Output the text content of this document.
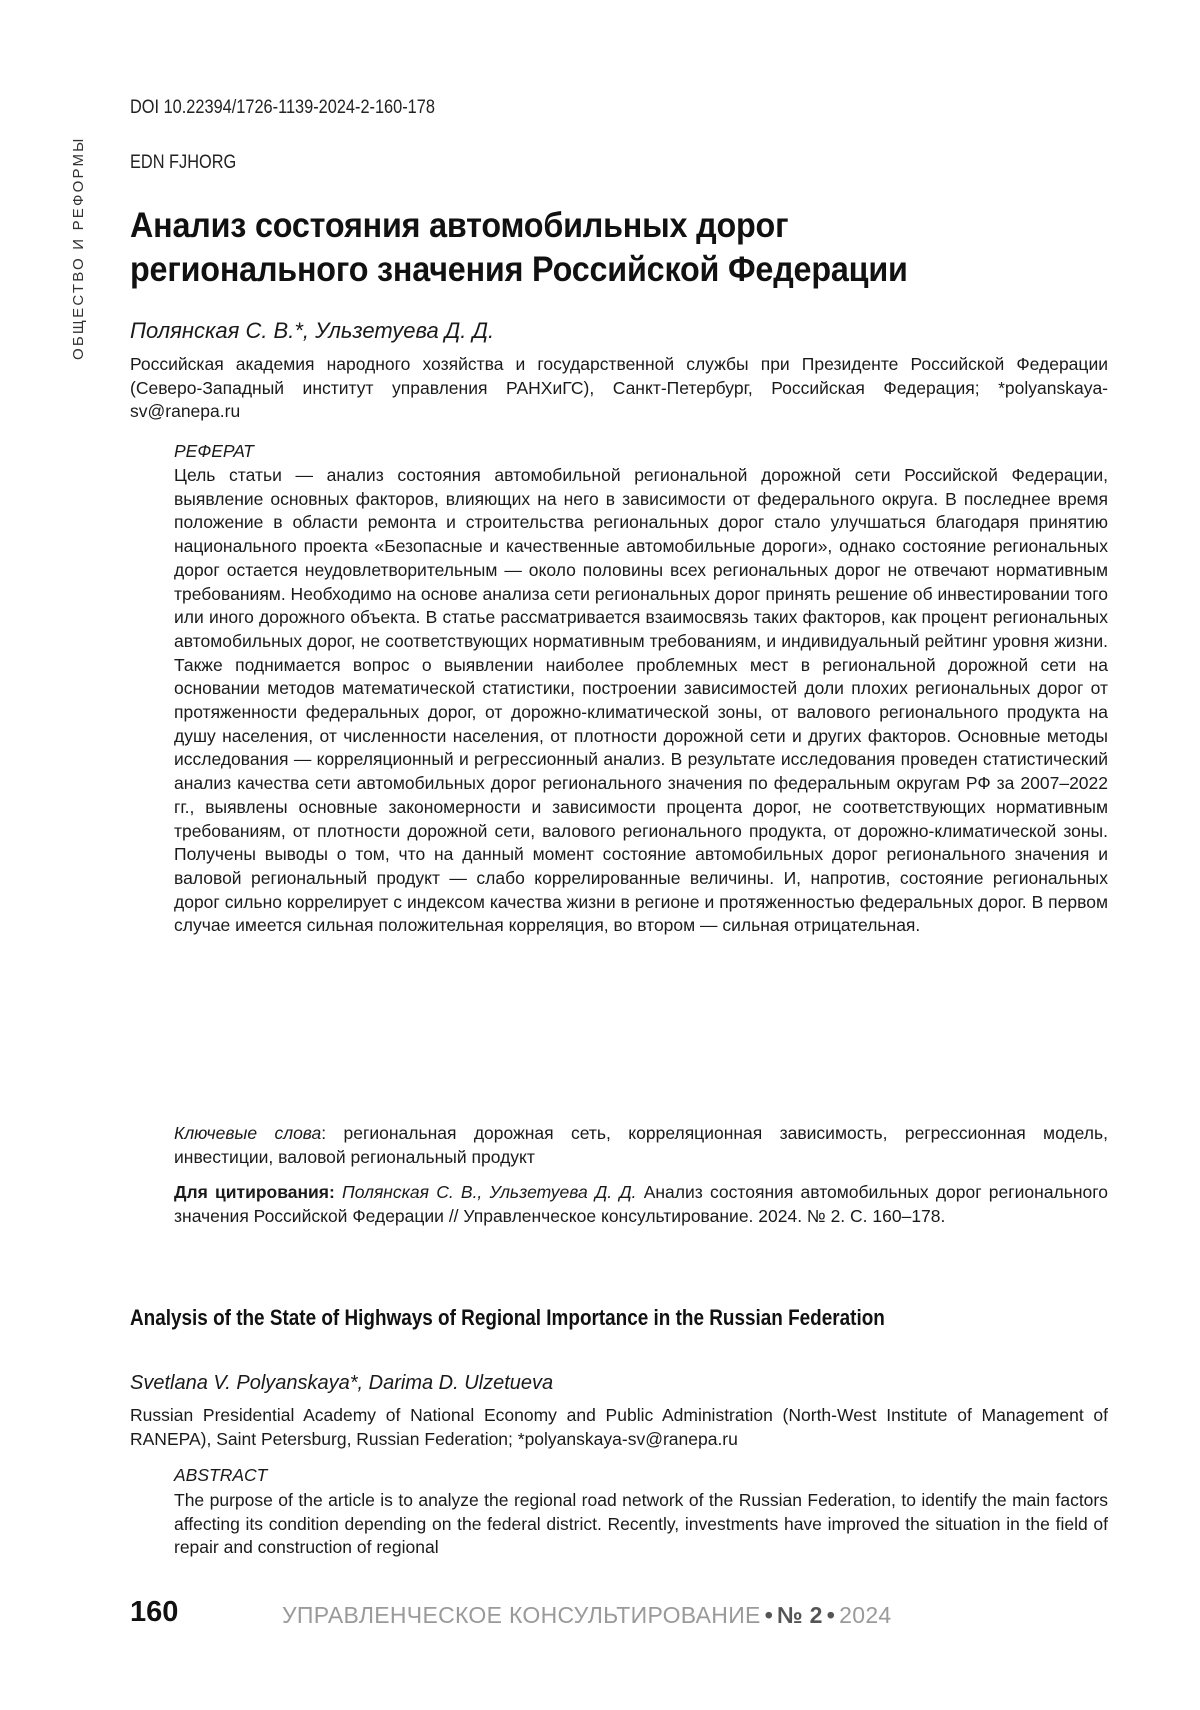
ОБЩЕСТВО И РЕФОРМЫ
DOI 10.22394/1726-1139-2024-2-160-178
EDN FJHORG
Анализ состояния автомобильных дорог
регионального значения Российской Федерации
Полянская С. В.*, Ульзетуева Д. Д.

Российская академия народного хозяйства и государственной службы при Президенте Российской Федерации (Северо-Западный институт управления РАНХиГС), Санкт-Петербург, Российская Федерация; *polyanskaya-sv@ranepa.ru

РЕФЕРАТ

Цель статьи — анализ состояния автомобильной региональной дорожной сети Российской Федерации, выявление основных факторов, влияющих на него в зависимости от федерального округа. В последнее время положение в области ремонта и строительства региональных дорог стало улучшаться благодаря принятию национального проекта «Безопасные и качественные автомобильные дороги», однако состояние региональных дорог остается неудовлетворительным — около половины всех региональных дорог не отвечают нормативным требованиям. Необходимо на основе анализа сети региональных дорог принять решение об инвестировании того или иного дорожного объекта. В статье рассматривается взаимосвязь таких факторов, как процент региональных автомобильных дорог, не соответствующих нормативным требованиям, и индивидуальный рейтинг уровня жизни. Также поднимается вопрос о выявлении наиболее проблемных мест в региональной дорожной сети на основании методов математической статистики, построении зависимостей доли плохих региональных дорог от протяженности федеральных дорог, от дорожно-климатической зоны, от валового регионального продукта на душу населения, от численности населения, от плотности дорожной сети и других факторов. Основные методы исследования — корреляционный и регрессионный анализ. В результате исследования проведен статистический анализ качества сети автомобильных дорог регионального значения по федеральным округам РФ за 2007–2022 гг., выявлены основные закономерности и зависимости процента дорог, не соответствующих нормативным требованиям, от плотности дорожной сети, валового регионального продукта, от дорожно-климатической зоны. Получены выводы о том, что на данный момент состояние автомобильных дорог регионального значения и валовой региональный продукт — слабо коррелированные величины. И, напротив, состояние региональных дорог сильно коррелирует с индексом качества жизни в регионе и протяженностью федеральных дорог. В первом случае имеется сильная положительная корреляция, во втором — сильная отрицательная.

Ключевые слова: региональная дорожная сеть, корреляционная зависимость, регрессионная модель, инвестиции, валовой региональный продукт

Для цитирования: Полянская С. В., Ульзетуева Д. Д. Анализ состояния автомобильных дорог регионального значения Российской Федерации // Управленческое консультирование. 2024. № 2. С. 160–178.

Analysis of the State of Highways of Regional Importance in the Russian Federation
Svetlana V. Polyanskaya*, Darima D. Ulzetueva

Russian Presidential Academy of National Economy and Public Administration (North-West Institute of Management of RANEPA), Saint Petersburg, Russian Federation; *polyanskaya-sv@ranepa.ru

ABSTRACT

The purpose of the article is to analyze the regional road network of the Russian Federation, to identify the main factors affecting its condition depending on the federal district. Recently, investments have improved the situation in the field of repair and construction of regional

160	УПРАВЛЕНЧЕСКОЕ КОНСУЛЬТИРОВАНИЕ • № 2 • 2024
